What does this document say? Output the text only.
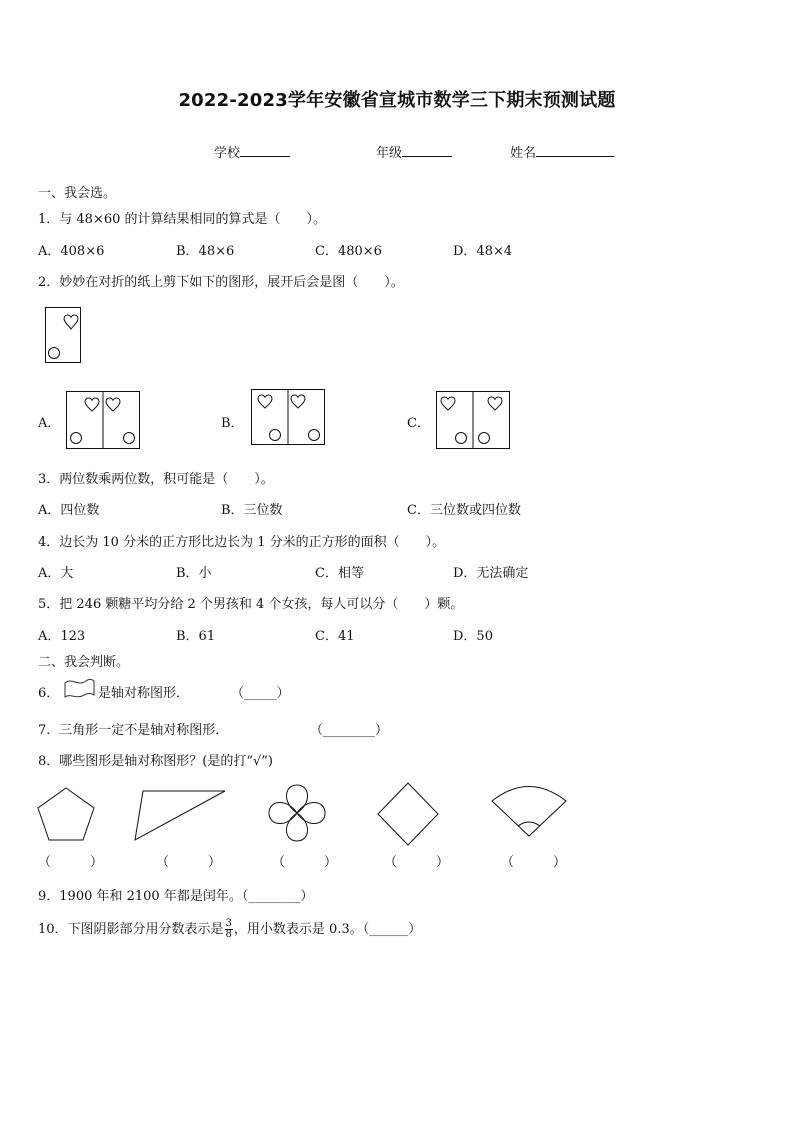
2022-2023学年安徽省宣城市数学三下期末预测试题
学校	年级	姓名
一、我会选。
1．与 48×60 的计算结果相同的算式是（　　）。
A．408×6	B．48×6	C．480×6	D．48×4
2．妙妙在对折的纸上剪下如下的图形，展开后会是图（　　）。
A．	B．	C．
3．两位数乘两位数，积可能是（　　）。
A．四位数	B．三位数	C．三位数或四位数
4．边长为 10 分米的正方形比边长为 1 分米的正方形的面积（　　）。
A．大	B．小	C．相等	D．无法确定
5．把 246 颗糖平均分给 2 个男孩和 4 个女孩，每人可以分（　　）颗。
A．123	B．61	C．41	D．50
二、我会判断。
6．	是轴对称图形．	（_____）
7．三角形一定不是轴对称图形．	（________）
8．哪些图形是轴对称图形？(是的打“√”)
（　　　）	（　　　）	（　　　）	（　　　）	（　　　）
9．1900 年和 2100 年都是闰年。（________）
10．下图阴影部分用分数表示是 $\frac{3}{8}$ ，用小数表示是 0.3。（______）
